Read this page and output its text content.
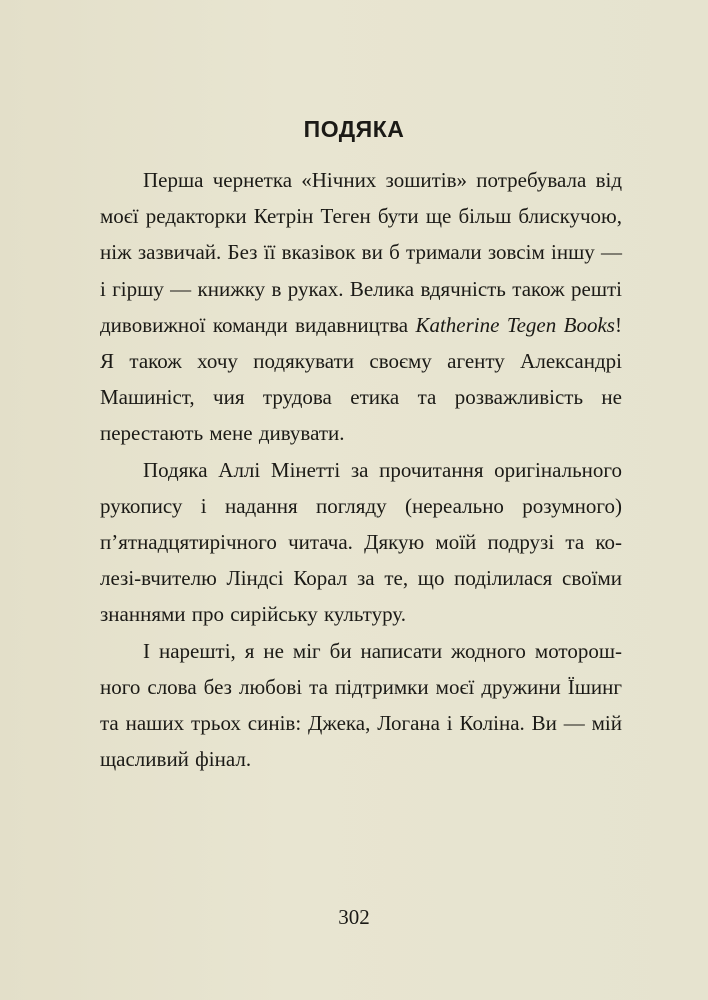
ПОДЯКА

Перша чернетка «Нічних зошитів» потребувала від моєї редакторки Кетрін Теген бути ще більш блискучою, ніж зазвичай. Без її вказівок ви б тримали зовсім іншу — і гіршу — книжку в руках. Велика вдячність також решті дивовижної команди видавництва Katherine Tegen Books! Я також хочу подякувати своєму агенту Александрі Машиніст, чия трудова етика та розважливість не перестають мене дивувати.

Подяка Аллі Мінетті за прочитання оригінального рукопису і надання погляду (нереально розумного) п’ятнадцятирічного читача. Дякую моїй подрузі та колезі-вчителю Ліндсі Корал за те, що поділилася своїми знаннями про сирійську культуру.

І нарешті, я не міг би написати жодного моторошного слова без любові та підтримки моєї дружини Їшинг та наших трьох синів: Джека, Логана і Коліна. Ви — мій щасливий фінал.

302
